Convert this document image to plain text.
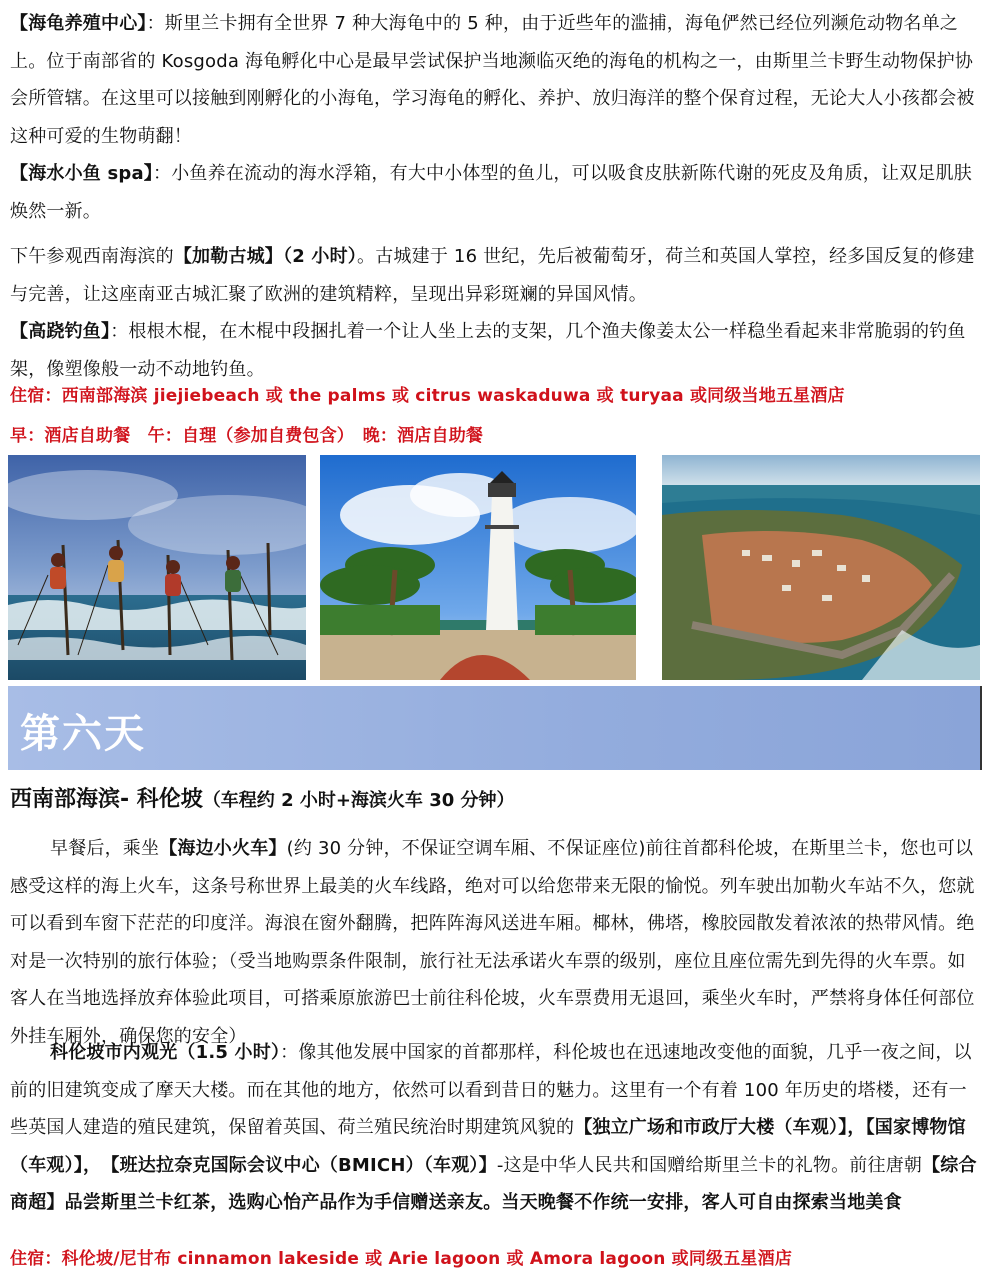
【海龟养殖中心】：斯里兰卡拥有全世界 7 种大海龟中的 5 种，由于近些年的滥捕，海龟俨然已经位列濒危动物名单之上。位于南部省的 Kosgoda 海龟孵化中心是最早尝试保护当地濒临灭绝的海龟的机构之一，由斯里兰卡野生动物保护协会所管辖。在这里可以接触到刚孵化的小海龟，学习海龟的孵化、养护、放归海洋的整个保育过程，无论大人小孩都会被这种可爱的生物萌翻！
【海水小鱼 spa】：小鱼养在流动的海水浮箱，有大中小体型的鱼儿，可以吸食皮肤新陈代谢的死皮及角质，让双足肌肤焕然一新。

下午参观西南海滨的【加勒古城】（2 小时）。古城建于 16 世纪，先后被葡萄牙，荷兰和英国人掌控，经多国反复的修建与完善，让这座南亚古城汇聚了欧洲的建筑精粹，呈现出异彩斑斓的异国风情。
【高跷钓鱼】：根根木棍，在木棍中段捆扎着一个让人坐上去的支架，几个渔夫像姜太公一样稳坐看起来非常脆弱的钓鱼架，像塑像般一动不动地钓鱼。

住宿：西南部海滨 jiejiebeach 或 the palms 或 citrus waskaduwa 或 turyaa 或同级当地五星酒店

早：酒店自助餐　午：自理（参加自费包含）　晚：酒店自助餐

第六天
西南部海滨- 科伦坡（车程约 2 小时+海滨火车 30 分钟）

早餐后，乘坐【海边小火车】(约 30 分钟，不保证空调车厢、不保证座位)前往首都科伦坡，在斯里兰卡，您也可以感受这样的海上火车，这条号称世界上最美的火车线路，绝对可以给您带来无限的愉悦。列车驶出加勒火车站不久，您就可以看到车窗下茫茫的印度洋。海浪在窗外翻腾，把阵阵海风送进车厢。椰林，佛塔，橡胶园散发着浓浓的热带风情。绝对是一次特别的旅行体验；（受当地购票条件限制，旅行社无法承诺火车票的级别，座位且座位需先到先得的火车票。如客人在当地选择放弃体验此项目，可搭乘原旅游巴士前往科伦坡，火车票费用无退回，乘坐火车时，严禁将身体任何部位外挂车厢外，确保您的安全）

科伦坡市内观光（1.5 小时）：像其他发展中国家的首都那样，科伦坡也在迅速地改变他的面貌，几乎一夜之间，以前的旧建筑变成了摩天大楼。而在其他的地方，依然可以看到昔日的魅力。这里有一个有着 100 年历史的塔楼，还有一些英国人建造的殖民建筑，保留着英国、荷兰殖民统治时期建筑风貌的【独立广场和市政厅大楼（车观）】，【国家博物馆（车观）】，　【班达拉奈克国际会议中心（BMICH）（车观）】-这是中华人民共和国赠给斯里兰卡的礼物。前往唐朝【综合商超】品尝斯里兰卡红茶，选购心怡产品作为手信赠送亲友。当天晚餐不作统一安排，客人可自由探索当地美食

住宿：科伦坡/尼甘布 cinnamon lakeside 或 Arie lagoon 或 Amora lagoon 或同级五星酒店
